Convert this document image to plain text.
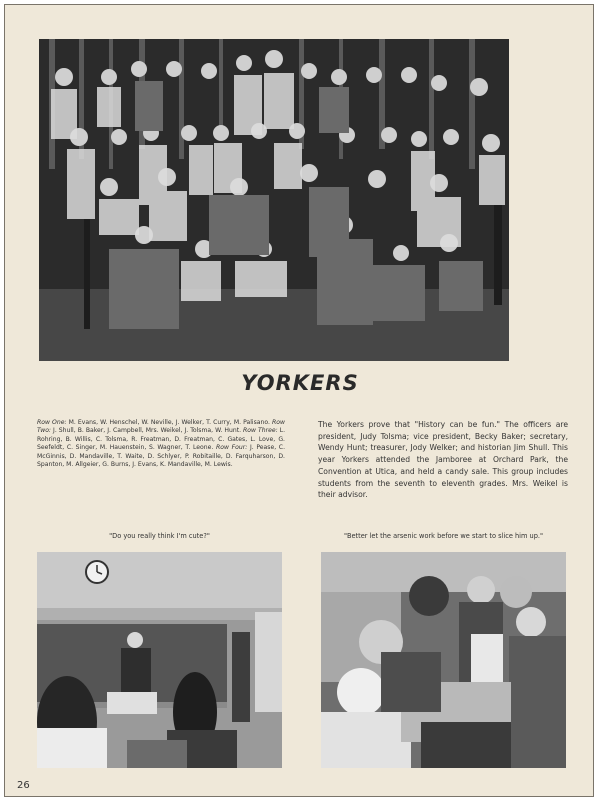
YORKERS
Row One: M. Evans, W. Henschel, W. Neville, J. Welker, T. Curry, M. Palisano. Row Two: J. Shull, B. Baker, J. Campbell, Mrs. Weikel, J. Tolsma, W. Hunt. Row Three: L. Rohring, B. Willis, C. Tolsma, R. Freatman, D. Freatman, C. Gates, L. Love, G. Seefeldt, C. Singer, M. Hauenstein, S. Wagner, T. Leone. Row Four: J. Pease, C. McGinnis, D. Mandaville, T. Waite, D. Schlyer, P. Robitaille, D. Farquharson, D. Spanton, M. Allgeier, G. Burns, J. Evans, K. Mandaville, M. Lewis.
The Yorkers prove that "History can be fun." The officers are president, Judy Tolsma; vice president, Becky Baker; secretary, Wendy Hunt; treasurer, Jody Welker; and historian Jim Shull. This year Yorkers attended the Jamboree at Orchard Park, the Convention at Utica, and held a candy sale. This group includes students from the seventh to eleventh grades. Mrs. Weikel is their advisor.
"Do you really think I'm cute?"	"Better let the arsenic work before we start to slice him up."
26
